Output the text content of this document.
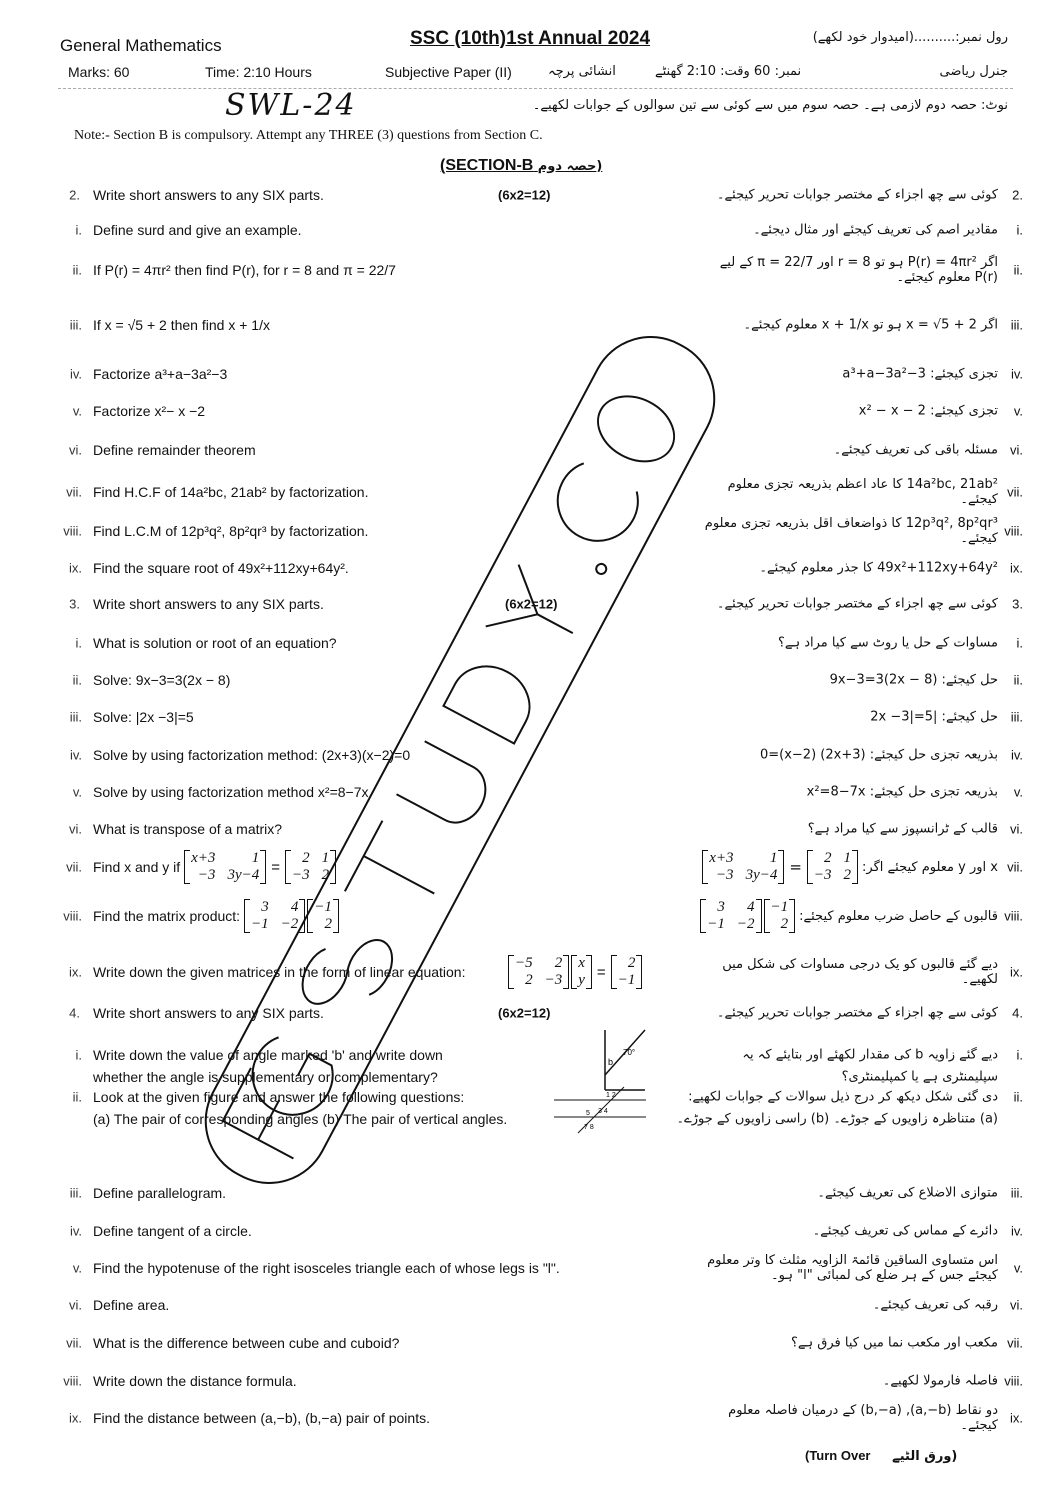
General Mathematics	SSC (10th)1st Annual 2024	رول نمبر:..........(امیدوار خود لکھے)
Marks: 60	Time: 2:10 Hours	Subjective Paper (II)	انشائی پرچہ	نمبر: 60 وقت: 2:10 گھنٹے	جنرل ریاضی
SWL-24	نوٹ: حصہ دوم لازمی ہے۔ حصہ سوم میں سے کوئی سے تین سوالوں کے جوابات لکھیے۔
Note:- Section B is compulsory. Attempt any THREE (3) questions from Section C.
(SECTION-B حصہ دوم)
2. Write short answers to any SIX parts.	(6x2=12)	کوئی سے چھ اجزاء کے مختصر جوابات تحریر کیجئے۔ 2.
i. Define surd and give an example.	مقادیر اصم کی تعریف کیجئے اور مثال دیجئے۔ i.
ii. If P(r) = 4πr² then find P(r), for r = 8 and π = 22/7	اگر P(r) = 4πr² ہو تو r = 8 اور π = 22/7 کے لیے P(r) معلوم کیجئے۔ ii.
iii. If x = √5 + 2 then find x + 1/x	اگر x = √5 + 2 ہو تو x + 1/x معلوم کیجئے۔ iii.
iv. Factorize a³+a−3a²−3	تجزی کیجئے: a³+a−3a²−3 iv.
v. Factorize x²− x −2	تجزی کیجئے: x² − x − 2 v.
vi. Define remainder theorem	مسئلہ باقی کی تعریف کیجئے۔ vi.
vii. Find H.C.F of 14a²bc, 21ab² by factorization.	14a²bc, 21ab² کا عاد اعظم بذریعہ تجزی معلوم کیجئے۔ vii.
viii. Find L.C.M of 12p³q², 8p²qr³ by factorization.	12p³q², 8p²qr³ کا ذواضعاف اقل بذریعہ تجزی معلوم کیجئے۔ viii.
ix. Find the square root of 49x²+112xy+64y².	49x²+112xy+64y² کا جذر معلوم کیجئے۔ ix.
3. Write short answers to any SIX parts.	(6x2=12)	کوئی سے چھ اجزاء کے مختصر جوابات تحریر کیجئے۔ 3.
i. What is solution or root of an equation?	مساوات کے حل یا روٹ سے کیا مراد ہے؟ i.
ii. Solve: 9x−3=3(2x − 8)	حل کیجئے: 9x−3=3(2x − 8) ii.
iii. Solve: |2x −3|=5	حل کیجئے: |2x −3|=5 iii.
iv. Solve by using factorization method: (2x+3)(x−2)=0	بذریعہ تجزی حل کیجئے: (2x+3) (x−2)=0 iv.
v. Solve by using factorization method x²=8−7x	بذریعہ تجزی حل کیجئے: x²=8−7x v.
vi. What is transpose of a matrix?	قالب کے ٹرانسپوز سے کیا مراد ہے؟ vi.
vii. Find x and y if
x+3	1
−3 3y−4 =
2 1
−3 2	x اور y معلوم کیجئے اگر:
x+3	1
−3 3y−4 =	2 1
−3 2	vii.
viii. Find the matrix product:
3	4
−1 −2
−1
2	قالبوں کے حاصل ضرب معلوم کیجئے:
3	4
−1 −2
−1
2	viii.
ix. Write down the given matrices in the form of linear equation:
−5	2
2 −3
x
y =
2
−1
دیے گئے قالبوں کو یک درجی مساوات کی شکل میں لکھیے۔ ix.
4. Write short answers to any SIX parts.	(6x2=12)	کوئی سے چھ اجزاء کے مختصر جوابات تحریر کیجئے۔ 4.
i. Write down the value of angle marked 'b' and write down
whether the angle is supplementary or complementary?
دیے گئے زاویہ b کی مقدار لکھئے اور بتایئے کہ یہ
سپلیمنٹری ہے یا کمپلیمنٹری؟
i.
b
70°
ii. Look at the given figure and answer the following questions:
(a) The pair of corresponding angles (b) The pair of vertical angles.
دی گئی شکل دیکھ کر درج ذیل سوالات کے جوابات لکھیے:
(a) متناظرہ زاویوں کے جوڑے۔ (b) راسی زاویوں کے جوڑے۔
ii.
1 2
3 4
5
7 8
iii. Define parallelogram.	متوازی الاضلاع کی تعریف کیجئے۔ iii.
iv. Define tangent of a circle.	دائرے کے مماس کی تعریف کیجئے۔ iv.
v. Find the hypotenuse of the right isosceles triangle each of whose legs is "l".	اس متساوی الساقین قائمۃ الزاویہ مثلث کا وتر معلوم کیجئے جس کے ہر ضلع کی لمبائی "l" ہو۔ v.
vi. Define area.	رقبہ کی تعریف کیجئے۔ vi.
vii. What is the difference between cube and cuboid?	مکعب اور مکعب نما میں کیا فرق ہے؟ vii.
viii. Write down the distance formula.	فاصلہ فارمولا لکھیے۔ viii.
ix. Find the distance between (a,−b), (b,−a) pair of points.	دو نقاط (a,−b), (b,−a) کے درمیان فاصلہ معلوم کیجئے۔ ix.
(Turn Over ورق الٹیے)
